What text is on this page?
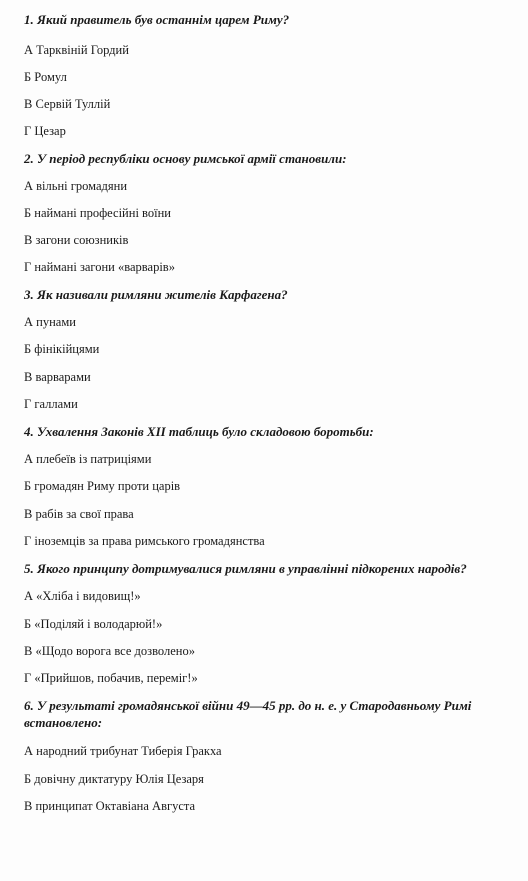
1. Який правитель був останнім царем Риму?
А Тарквіній Гордий
Б Ромул
В Сервій Туллій
Г Цезар
2. У період республіки основу римської армії становили:
А вільні громадяни
Б наймані професійні воїни
В загони союзників
Г наймані загони «варварів»
3. Як називали римляни жителів Карфагена?
А пунами
Б фінікійцями
В варварами
Г галлами
4. Ухвалення Законів XII таблиць було складовою боротьби:
А плебеїв із патриціями
Б громадян Риму проти царів
В рабів за свої права
Г іноземців за права римського громадянства
5. Якого принципу дотримувалися римляни в управлінні підкорених народів?
А «Хліба і видовищ!»
Б «Поділяй і володарюй!»
В «Щодо ворога все дозволено»
Г «Прийшов, побачив, переміг!»
6. У результаті громадянської війни 49—45 рр. до н. е. у Стародавньому Римі встановлено:
А народний трибунат Тиберія Гракха
Б довічну диктатуру Юлія Цезаря
В принципат Октавіана Августа
